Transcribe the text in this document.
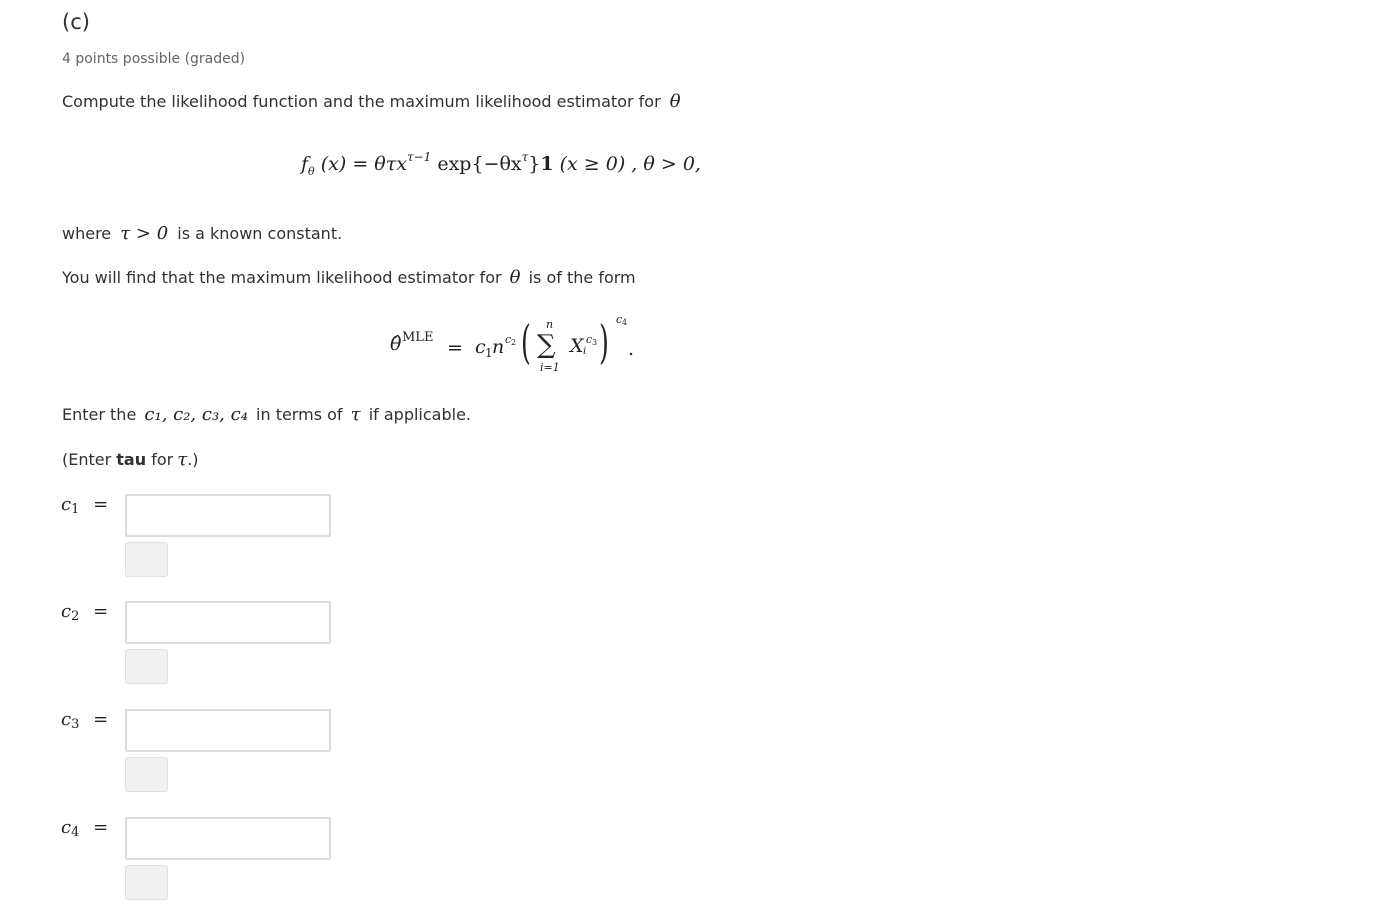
(c)
4 points possible (graded)
Compute the likelihood function and the maximum likelihood estimator for θ
$f_\theta$ (x) = θτx$^{\tau-1}$ $\exp\{-\theta x^\tau\}1$ (x ≥ 0) , θ > 0,
where τ > 0 is a known constant.
You will find that the maximum likelihood estimator for θ is of the form
θ̂ MLE = c 1 n c 2 ( n
∑
i=1
X i
c 3 ) c 4
.
Enter the c₁, c₂, c₃, c₄ in terms of τ if applicable.
(Enter tau for τ.)
c1 =
c2 =
c3 =
c4 =
